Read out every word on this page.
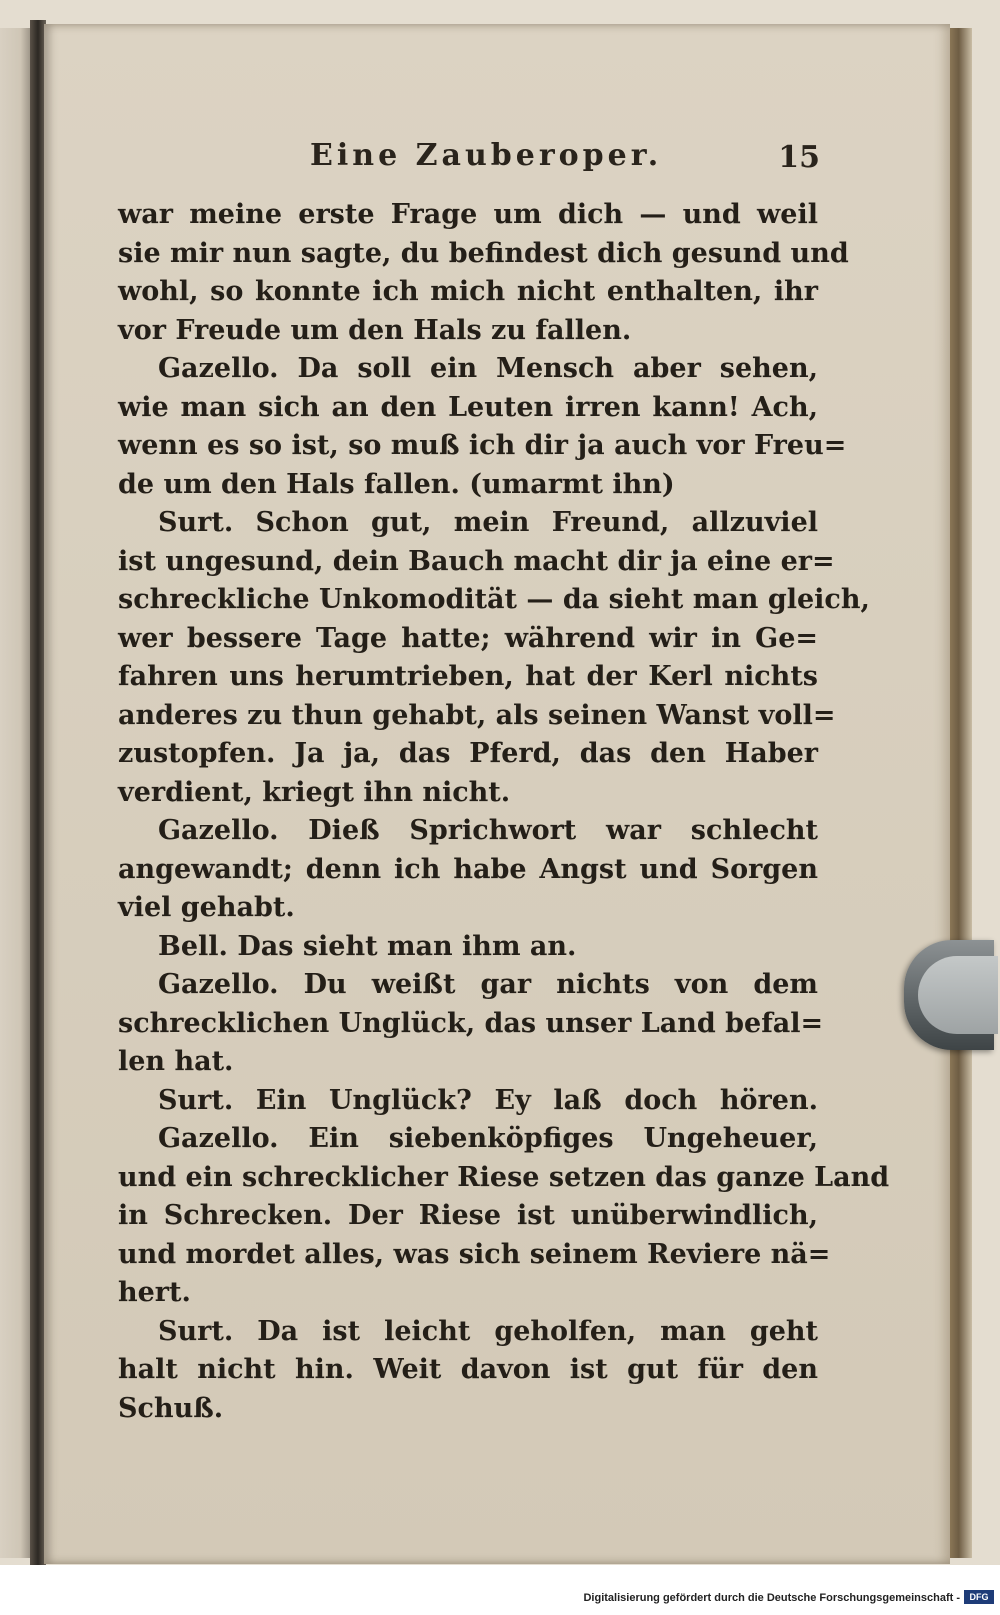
Eine Zauberoper.	15
war meine erste Frage um dich — und weil
sie mir nun sagte, du befindest dich gesund und
wohl, so konnte ich mich nicht enthalten, ihr
vor Freude um den Hals zu fallen.
Gazello. Da soll ein Mensch aber sehen,
wie man sich an den Leuten irren kann! Ach,
wenn es so ist, so muß ich dir ja auch vor Freu=
de um den Hals fallen. (umarmt ihn)
Surt. Schon gut, mein Freund, allzuviel
ist ungesund, dein Bauch macht dir ja eine er=
schreckliche Unkomodität — da sieht man gleich,
wer bessere Tage hatte; während wir in Ge=
fahren uns herumtrieben, hat der Kerl nichts
anderes zu thun gehabt, als seinen Wanst voll=
zustopfen. Ja ja, das Pferd, das den Haber
verdient, kriegt ihn nicht.
Gazello. Dieß Sprichwort war schlecht
angewandt; denn ich habe Angst und Sorgen
viel gehabt.
Bell. Das sieht man ihm an.
Gazello. Du weißt gar nichts von dem
schrecklichen Unglück, das unser Land befal=
len hat.
Surt. Ein Unglück? Ey laß doch hören.
Gazello. Ein siebenköpfiges Ungeheuer,
und ein schrecklicher Riese setzen das ganze Land
in Schrecken. Der Riese ist unüberwindlich,
und mordet alles, was sich seinem Reviere nä=
hert.
Surt. Da ist leicht geholfen, man geht
halt nicht hin. Weit davon ist gut für den
Schuß.
Digitalisierung gefördert durch die Deutsche Forschungsgemeinschaft -	DFG
